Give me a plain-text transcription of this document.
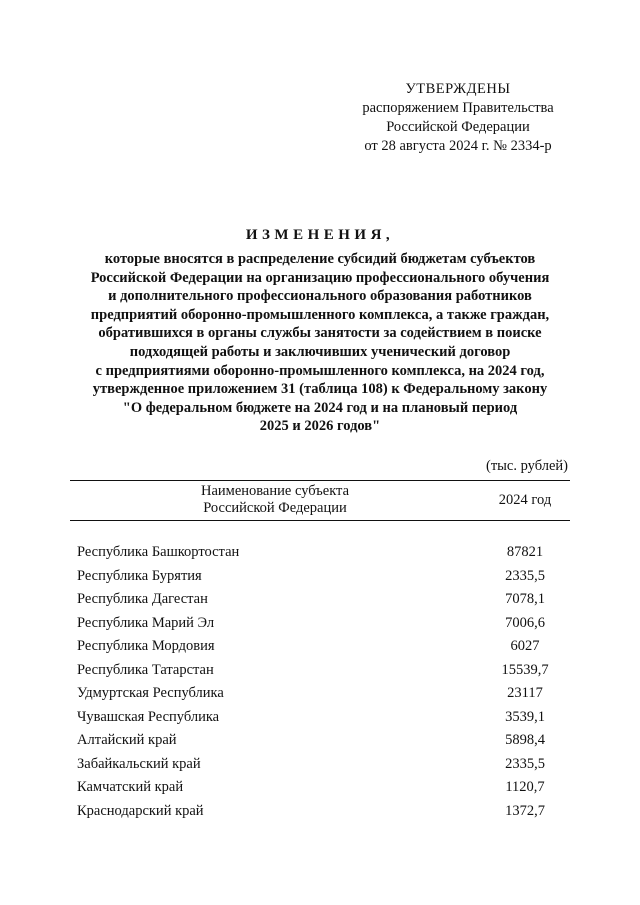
УТВЕРЖДЕНЫ
распоряжением Правительства
Российской Федерации
от 28 августа 2024 г. № 2334-р
ИЗМЕНЕНИЯ,
которые вносятся в распределение субсидий бюджетам субъектов
Российской Федерации на организацию профессионального обучения
и дополнительного профессионального образования работников
предприятий оборонно-промышленного комплекса, а также граждан,
обратившихся в органы службы занятости за содействием в поиске
подходящей работы и заключивших ученический договор
с предприятиями оборонно-промышленного комплекса, на 2024 год,
утвержденное приложением 31 (таблица 108) к Федеральному закону
"О федеральном бюджете на 2024 год и на плановый период
2025 и 2026 годов"
(тыс. рублей)
Наименование субъекта
Российской Федерации	2024 год
Республика Башкортостан	87821
Республика Бурятия	2335,5
Республика Дагестан	7078,1
Республика Марий Эл	7006,6
Республика Мордовия	6027
Республика Татарстан	15539,7
Удмуртская Республика	23117
Чувашская Республика	3539,1
Алтайский край	5898,4
Забайкальский край	2335,5
Камчатский край	1120,7
Краснодарский край	1372,7
